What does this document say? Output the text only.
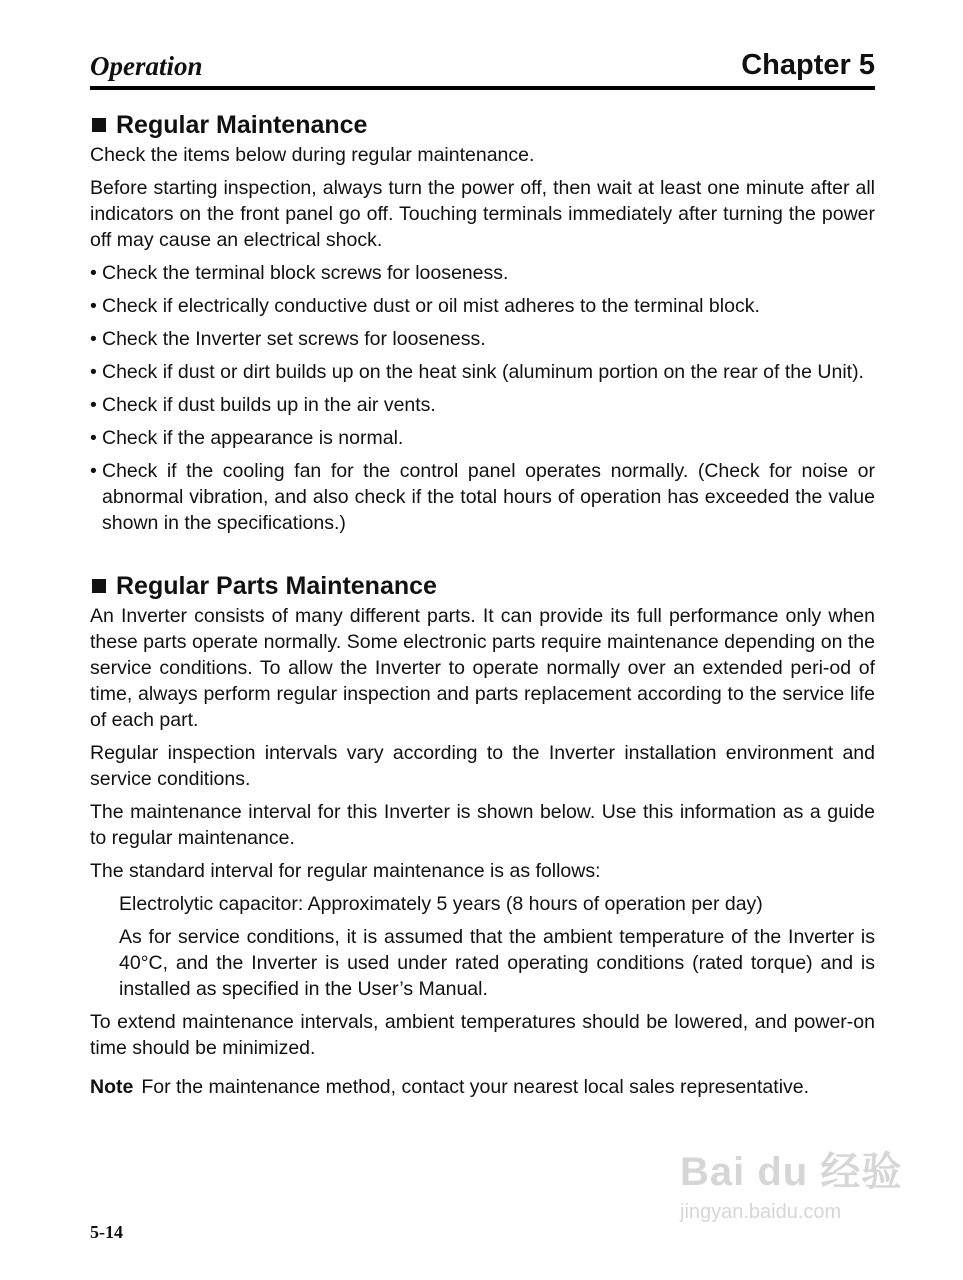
Operation	Chapter 5
Regular Maintenance
Check the items below during regular maintenance.
Before starting inspection, always turn the power off, then wait at least one minute after all indicators on the front panel go off. Touching terminals immediately after turning the power off may cause an electrical shock.
• Check the terminal block screws for looseness.
• Check if electrically conductive dust or oil mist adheres to the terminal block.
• Check the Inverter set screws for looseness.
• Check if dust or dirt builds up on the heat sink (aluminum portion on the rear of the Unit).
• Check if dust builds up in the air vents.
• Check if the appearance is normal.
• Check if the cooling fan for the control panel operates normally. (Check for noise or abnormal vibration, and also check if the total hours of operation has exceeded the value shown in the specifications.)
Regular Parts Maintenance
An Inverter consists of many different parts. It can provide its full performance only when these parts operate normally. Some electronic parts require maintenance depending on the service conditions. To allow the Inverter to operate normally over an extended peri-od of time, always perform regular inspection and parts replacement according to the service life of each part.
Regular inspection intervals vary according to the Inverter installation environment and service conditions.
The maintenance interval for this Inverter is shown below. Use this information as a guide to regular maintenance.
The standard interval for regular maintenance is as follows:
Electrolytic capacitor: Approximately 5 years (8 hours of operation per day)
As for service conditions, it is assumed that the ambient temperature of the Inverter is 40°C, and the Inverter is used under rated operating conditions (rated torque) and is installed as specified in the User’s Manual.
To extend maintenance intervals, ambient temperatures should be lowered, and power-on time should be minimized.
Note For the maintenance method, contact your nearest local sales representative.
5-14
Bai du 经验
jingyan.baidu.com
